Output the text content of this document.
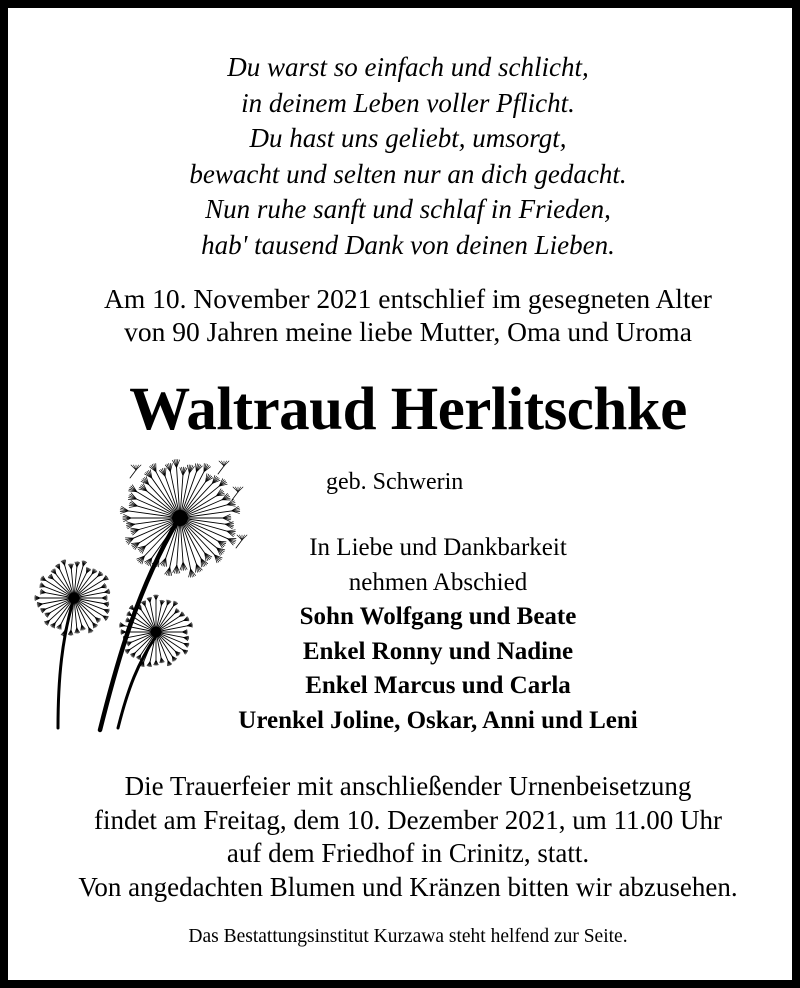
Du warst so einfach und schlicht,
in deinem Leben voller Pflicht.
Du hast uns geliebt, umsorgt,
bewacht und selten nur an dich gedacht.
Nun ruhe sanft und schlaf in Frieden,
hab' tausend Dank von deinen Lieben.
Am 10. November 2021 entschlief im gesegneten Alter
von 90 Jahren meine liebe Mutter, Oma und Uroma
Waltraud Herlitschke
geb. Schwerin
In Liebe und Dankbarkeit
nehmen Abschied
Sohn Wolfgang und Beate
Enkel Ronny und Nadine
Enkel Marcus und Carla
Urenkel Joline, Oskar, Anni und Leni
Die Trauerfeier mit anschließender Urnenbeisetzung
findet am Freitag, dem 10. Dezember 2021, um 11.00 Uhr
auf dem Friedhof in Crinitz, statt.
Von angedachten Blumen und Kränzen bitten wir abzusehen.
Das Bestattungsinstitut Kurzawa steht helfend zur Seite.
